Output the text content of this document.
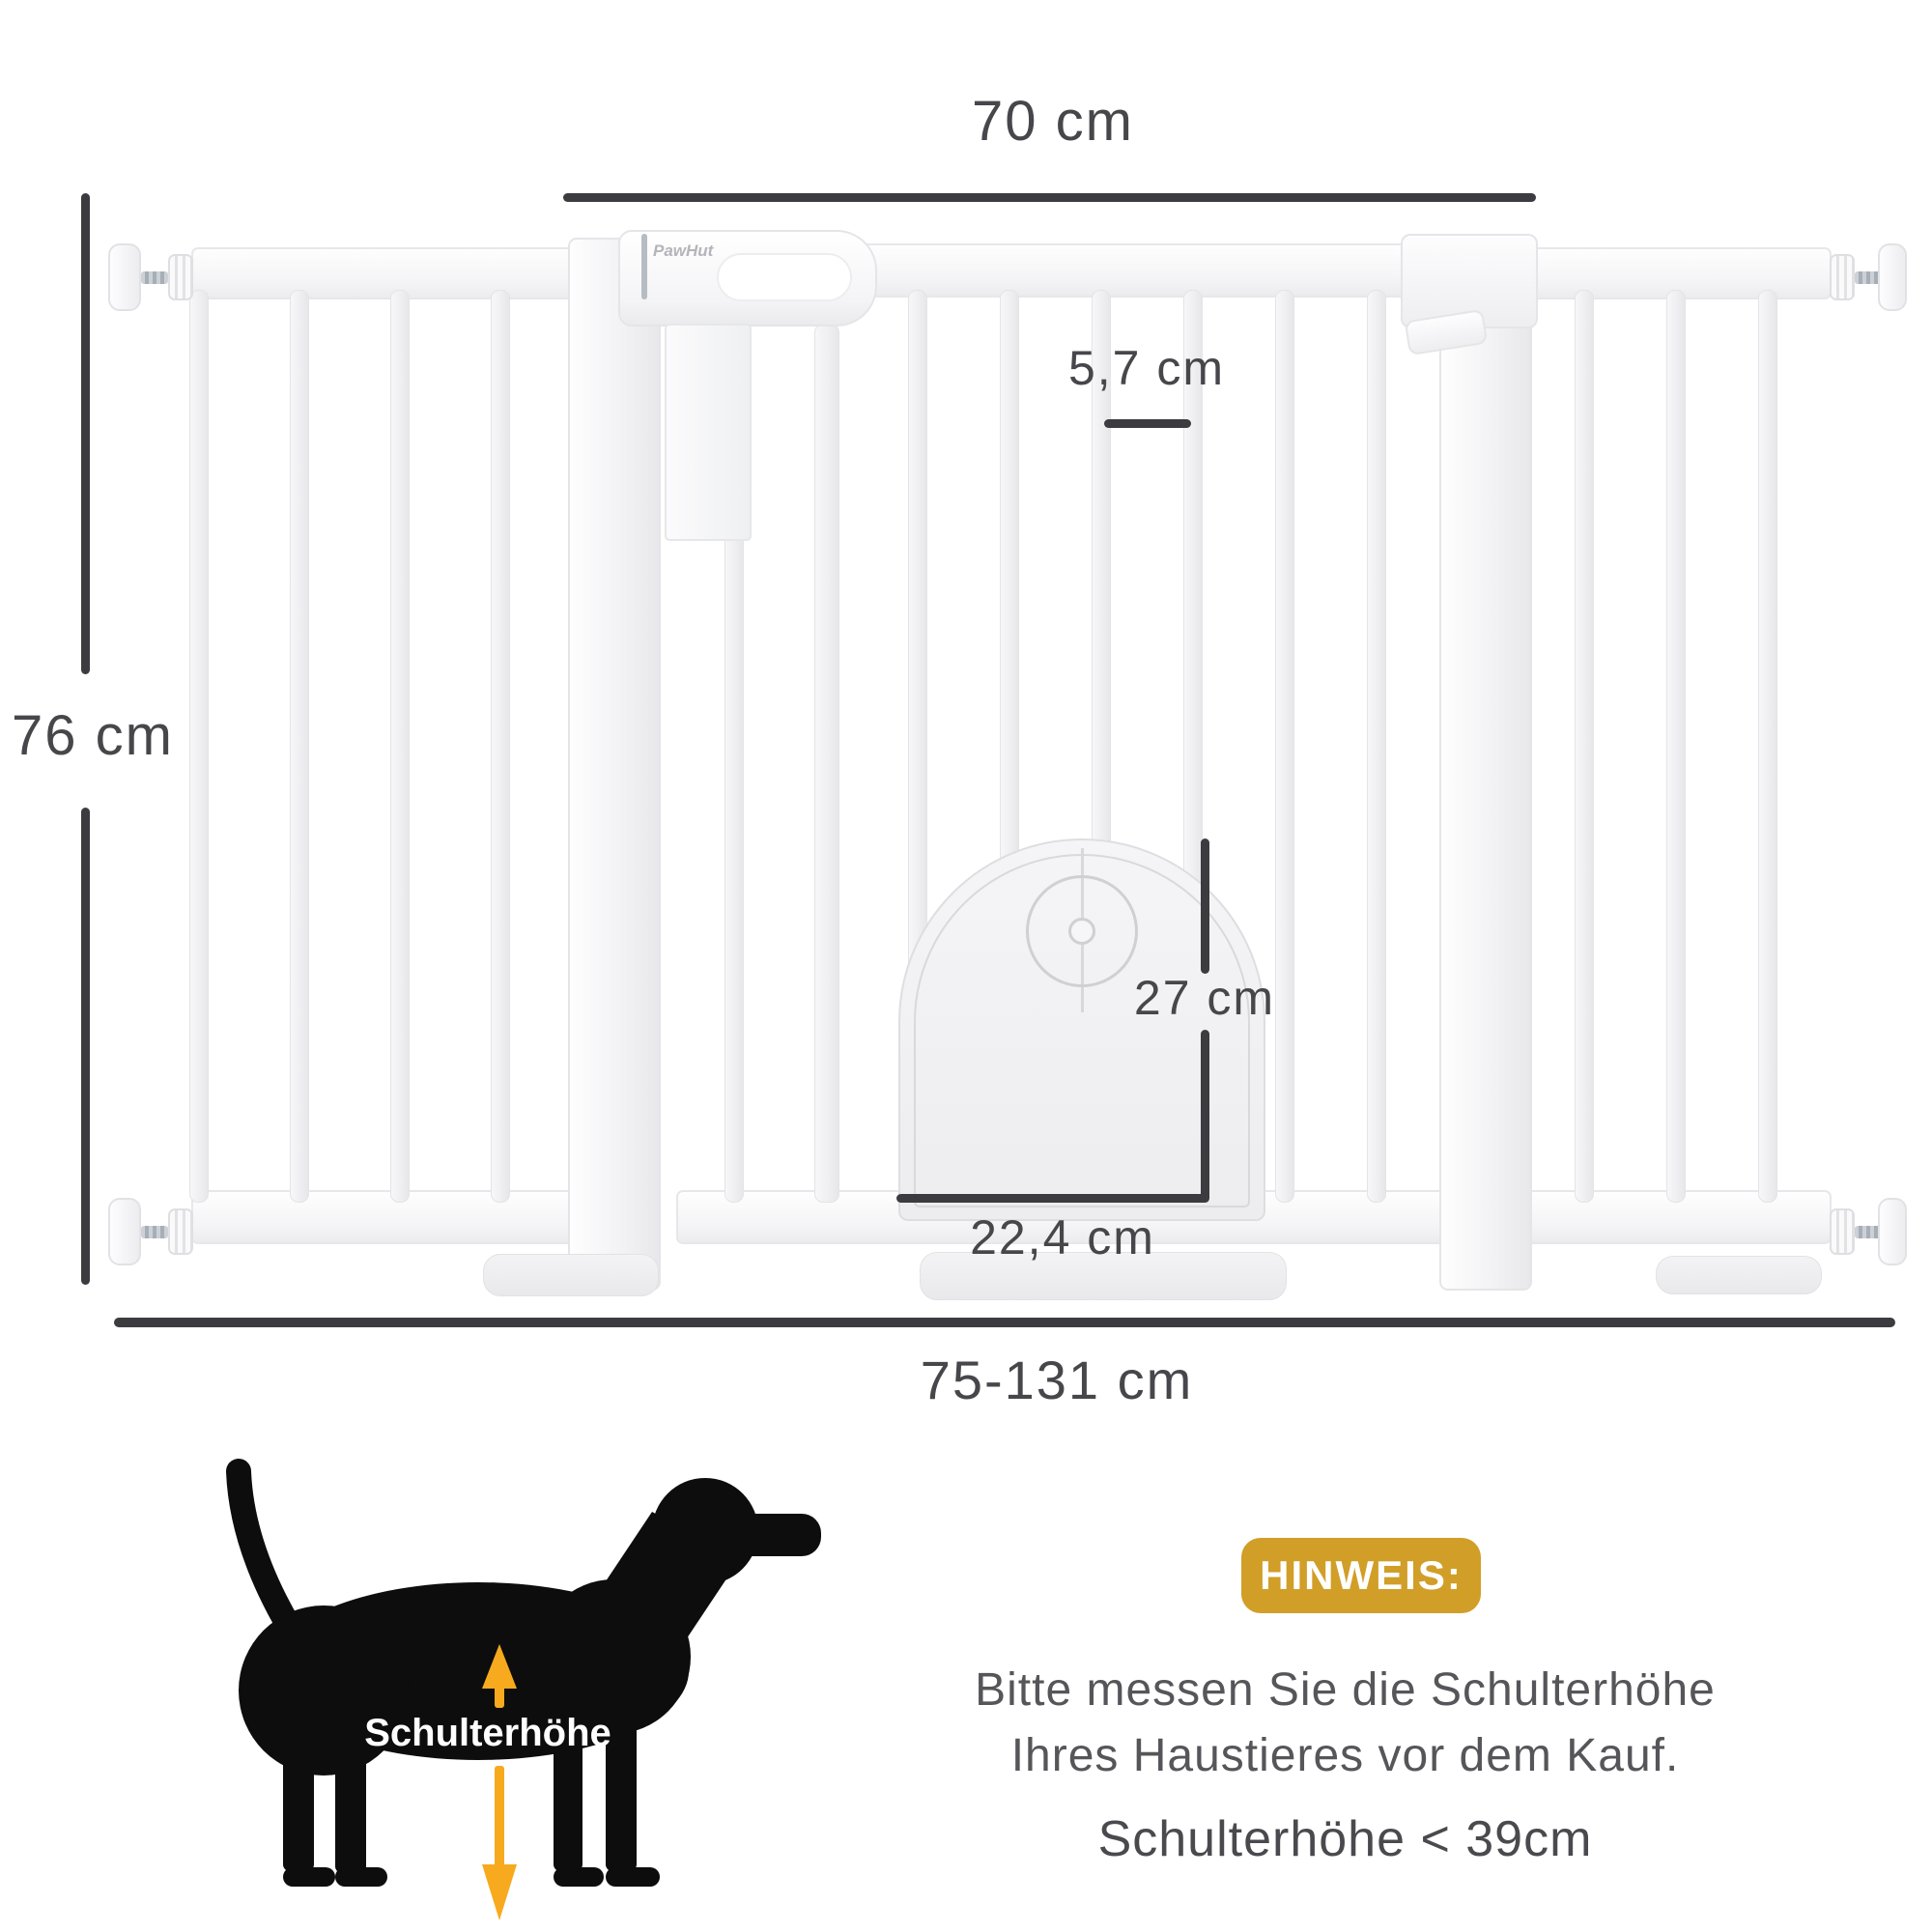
PawHut
70 cm
76 cm
5,7 cm
27 cm
22,4 cm
75-131 cm
Schulterhöhe
HINWEIS:
Bitte messen Sie die Schulterhöhe
Ihres Haustieres vor dem Kauf.
Schulterhöhe < 39cm
